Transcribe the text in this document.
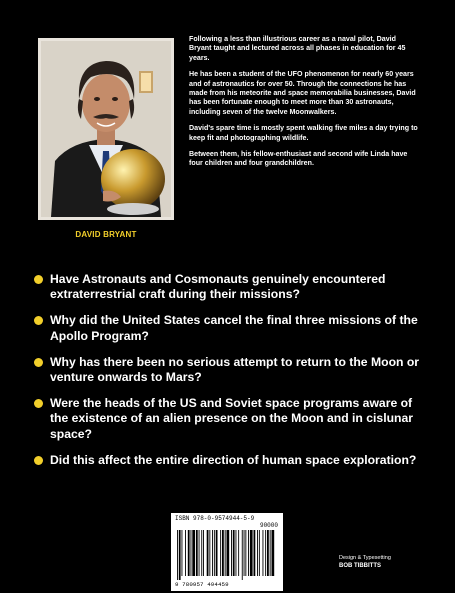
DAVID BRYANT

Following a less than illustrious career as a naval pilot, David Bryant taught and lectured across all phases in education for 45 years.

He has been a student of the UFO phenomenon for nearly 60 years and of astronautics for over 50. Through the connections he has made from his meteorite and space memorabilia businesses, David has been fortunate enough to meet more than 30 astronauts, including seven of the twelve Moonwalkers.

David's spare time is mostly spent walking five miles a day trying to keep fit and photographing wildlife.

Between them, his fellow-enthusiast and second wife Linda have four children and four grandchildren.

Have Astronauts and Cosmonauts genuinely encountered extraterrestrial craft during their missions?
Why did the United States cancel the final three missions of the Apollo Program?
Why has there been no serious attempt to return to the Moon or venture onwards to Mars?
Were the heads of the US and Soviet space programs aware of the existence of an alien presence on the Moon and in cislunar space?
Did this affect the entire direction of human space exploration?
ISBN 978-0-9574944-5-9
90000
9 780957 494459
Design & Typesetting
BOB TIBBITTS
